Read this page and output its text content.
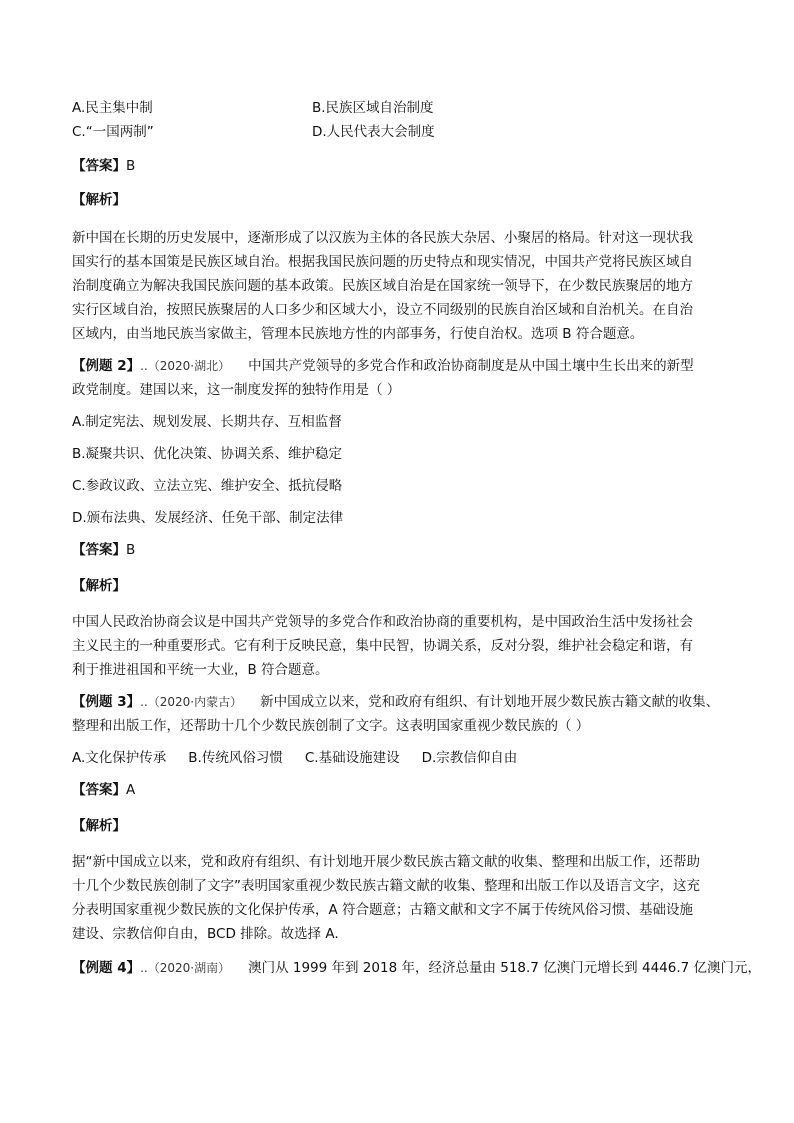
A.民主集中制	B.民族区域自治制度
C.“一国两制”	D.人民代表大会制度
【答案】B
【解析】
新中国在长期的历史发展中，逐渐形成了以汉族为主体的各民族大杂居、小聚居的格局。针对这一现状我
国实行的基本国策是民族区域自治。根据我国民族问题的历史特点和现实情况，中国共产党将民族区域自
治制度确立为解决我国民族问题的基本政策。民族区域自治是在国家统一领导下，在少数民族聚居的地方
实行区域自治，按照民族聚居的人口多少和区域大小，设立不同级别的民族自治区域和自治机关。在自治
区域内，由当地民族当家做主，管理本民族地方性的内部事务，行使自治权。选项 B 符合题意。
【例题 2】..（2020·湖北） 中国共产党领导的多党合作和政治协商制度是从中国土壤中生长出来的新型
政党制度。建国以来，这一制度发挥的独特作用是（ ）
A.制定宪法、规划发展、长期共存、互相监督
B.凝聚共识、优化决策、协调关系、维护稳定
C.参政议政、立法立宪、维护安全、抵抗侵略
D.颁布法典、发展经济、任免干部、制定法律
【答案】B
【解析】
中国人民政治协商会议是中国共产党领导的多党合作和政治协商的重要机构，是中国政治生活中发扬社会
主义民主的一种重要形式。它有利于反映民意，集中民智，协调关系，反对分裂，维护社会稳定和谐，有
利于推进祖国和平统一大业，B 符合题意。
【例题 3】..（2020·内蒙古） 新中国成立以来，党和政府有组织、有计划地开展少数民族古籍文献的收集、
整理和出版工作，还帮助十几个少数民族创制了文字。这表明国家重视少数民族的（ ）
A.文化保护传承 B.传统风俗习惯 C.基础设施建设 D.宗教信仰自由
【答案】A
【解析】
据“新中国成立以来，党和政府有组织、有计划地开展少数民族古籍文献的收集、整理和出版工作，还帮助
十几个少数民族创制了文字”表明国家重视少数民族古籍文献的收集、整理和出版工作以及语言文字，这充
分表明国家重视少数民族的文化保护传承，A 符合题意；古籍文献和文字不属于传统风俗习惯、基础设施
建设、宗教信仰自由，BCD 排除。故选择 A.
【例题 4】..（2020·湖南） 澳门从 1999 年到 2018 年，经济总量由 518.7 亿澳门元增长到 4446.7 亿澳门元，
